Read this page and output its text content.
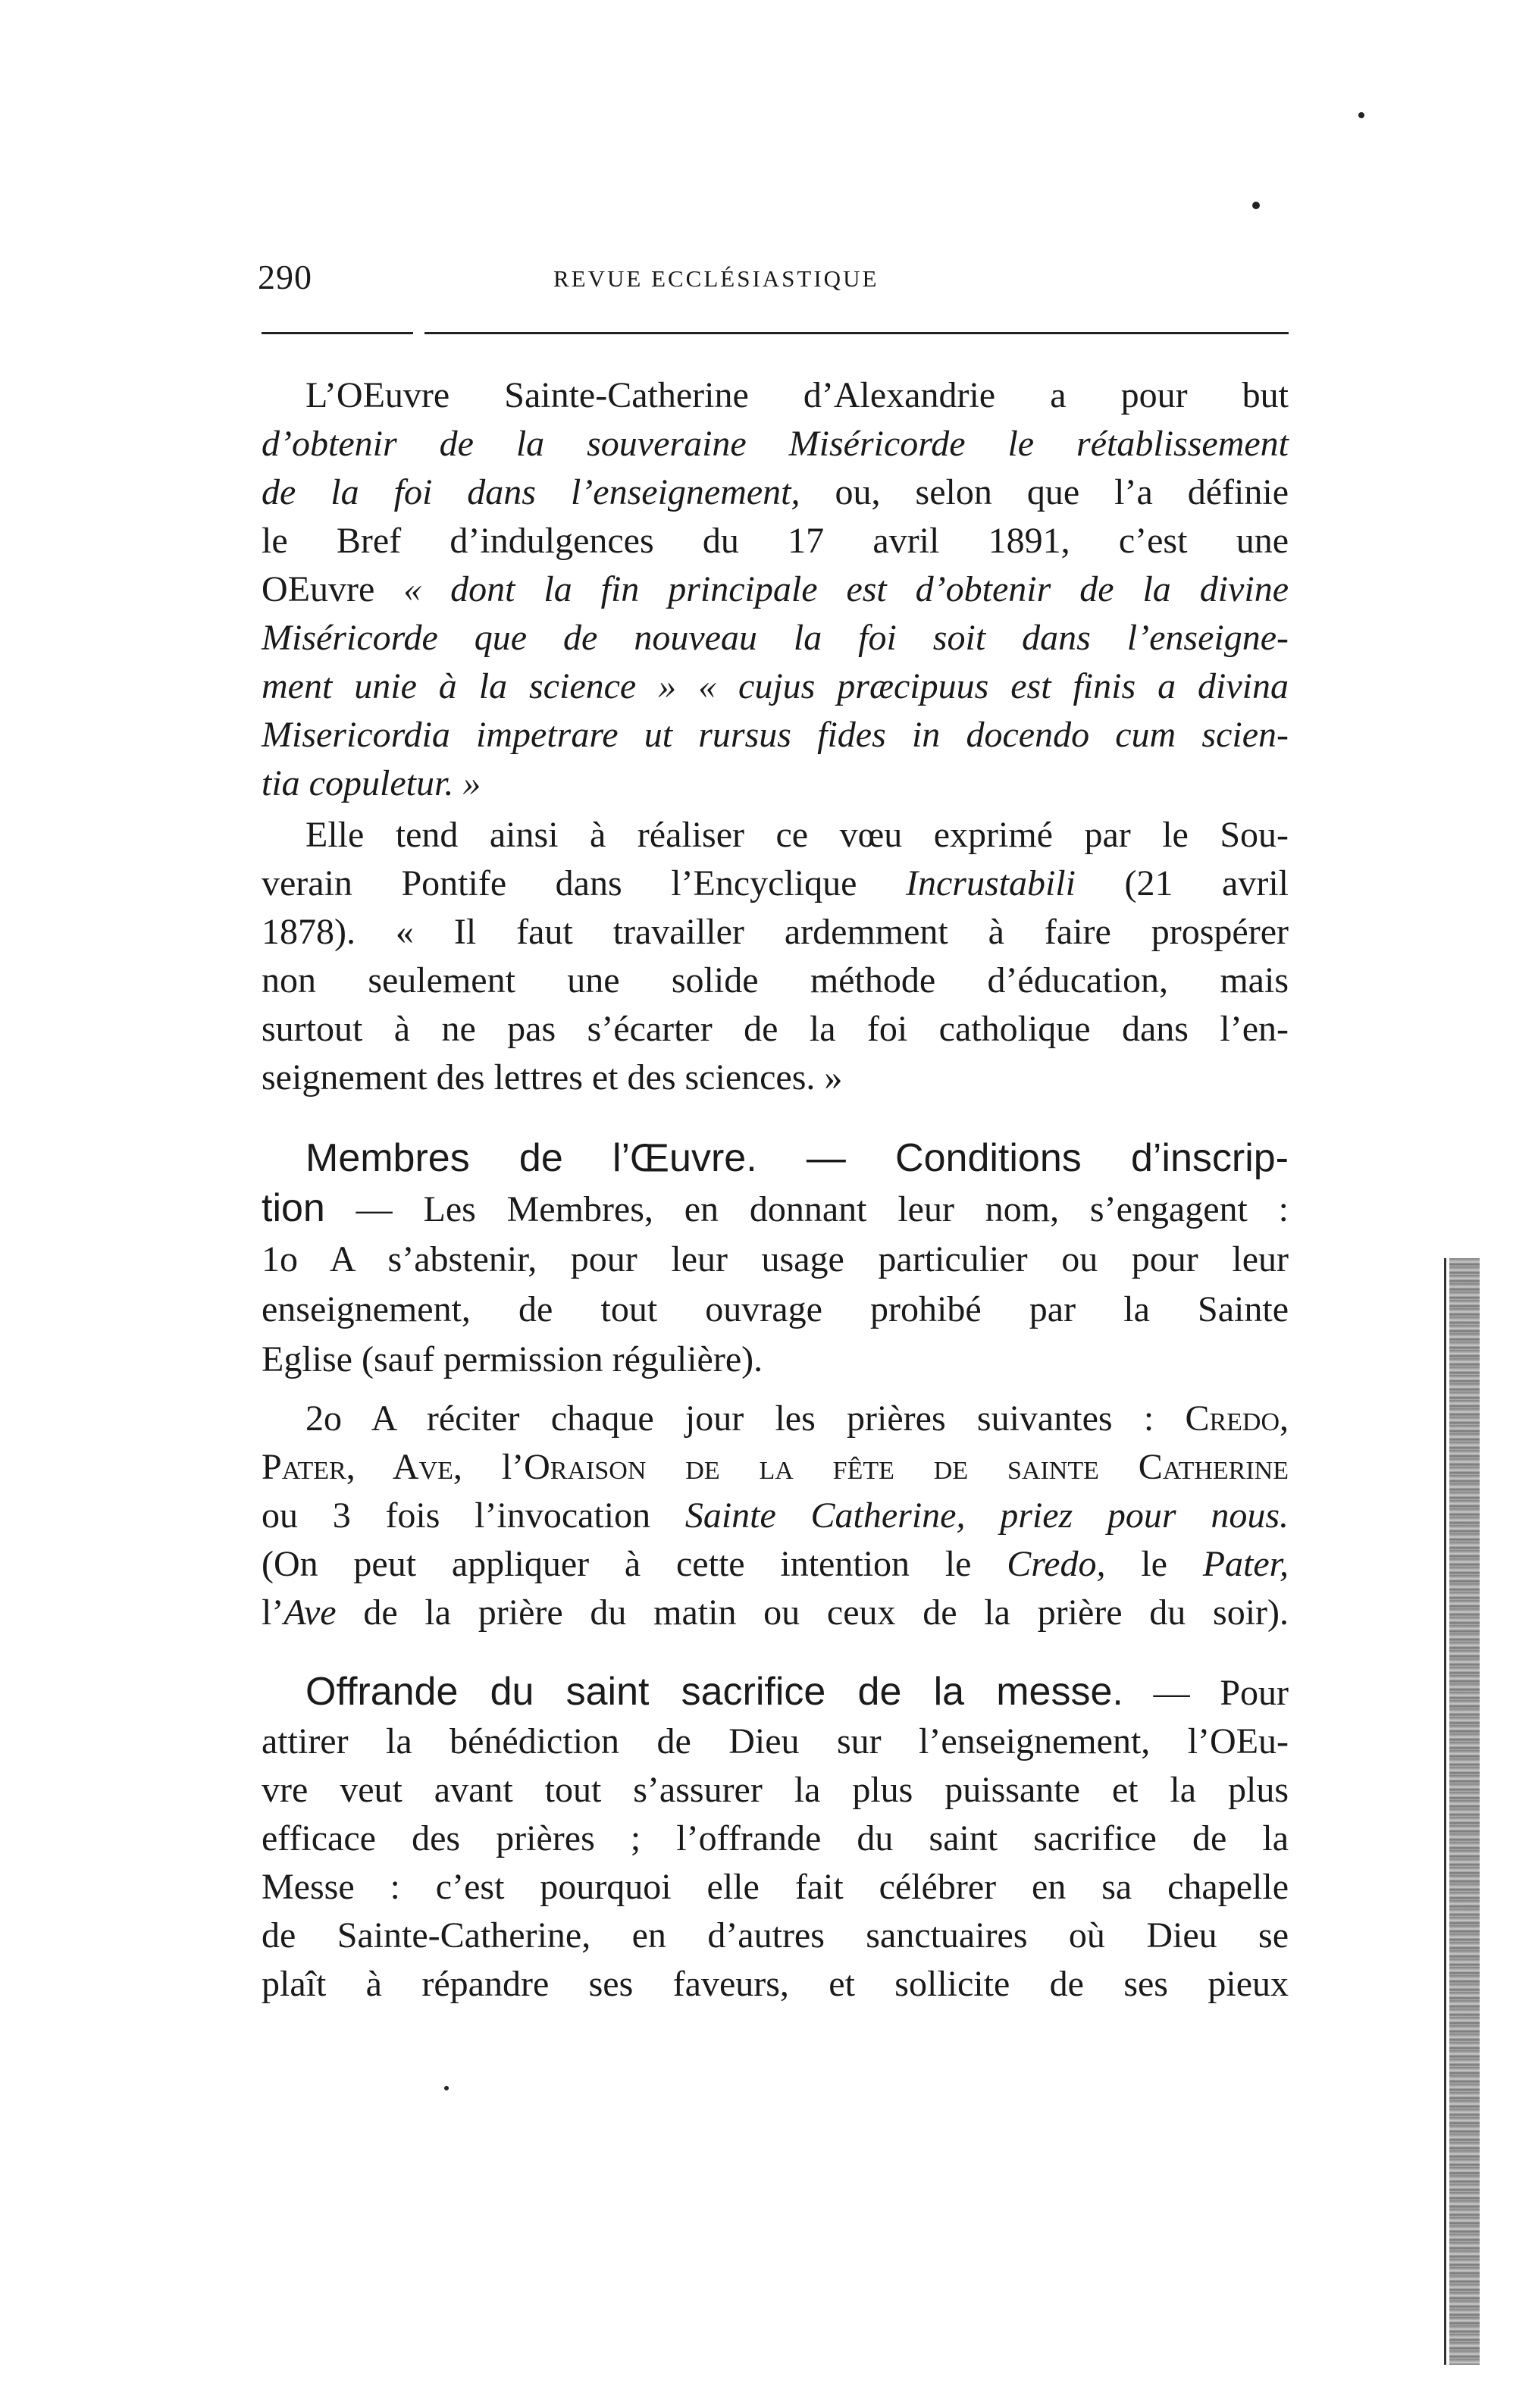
290	REVUE ECCLÉSIASTIQUE
L’OEuvre Sainte-Catherine d’Alexandrie a pour but
d’obtenir de la souveraine Miséricorde le rétablissement
de la foi dans l’enseignement, ou, selon que l’a définie
le Bref d’indulgences du 17 avril 1891, c’est une
OEuvre « dont la fin principale est d’obtenir de la divine
Miséricorde que de nouveau la foi soit dans l’enseigne-
ment unie à la science » « cujus præcipuus est finis a divina
Misericordia impetrare ut rursus fides in docendo cum scien-
tia copuletur. »
Elle tend ainsi à réaliser ce vœu exprimé par le Sou-
verain Pontife dans l’Encyclique Incrustabili (21 avril
1878). « Il faut travailler ardemment à faire prospérer
non seulement une solide méthode d’éducation, mais
surtout à ne pas s’écarter de la foi catholique dans l’en-
seignement des lettres et des sciences. »
Membres de l’Œuvre. — Conditions d’inscrip-
tion — Les Membres, en donnant leur nom, s’engagent :
1o A s’abstenir, pour leur usage particulier ou pour leur
enseignement, de tout ouvrage prohibé par la Sainte
Eglise (sauf permission régulière).
2o A réciter chaque jour les prières suivantes : Credo,
Pater, Ave, l’Oraison de la fête de sainte Catherine
ou 3 fois l’invocation Sainte Catherine, priez pour nous.
(On peut appliquer à cette intention le Credo, le Pater,
l’Ave de la prière du matin ou ceux de la prière du soir).
Offrande du saint sacrifice de la messe. — Pour
attirer la bénédiction de Dieu sur l’enseignement, l’OEu-
vre veut avant tout s’assurer la plus puissante et la plus
efficace des prières ; l’offrande du saint sacrifice de la
Messe : c’est pourquoi elle fait célébrer en sa chapelle
de Sainte-Catherine, en d’autres sanctuaires où Dieu se
plaît à répandre ses faveurs, et sollicite de ses pieux
